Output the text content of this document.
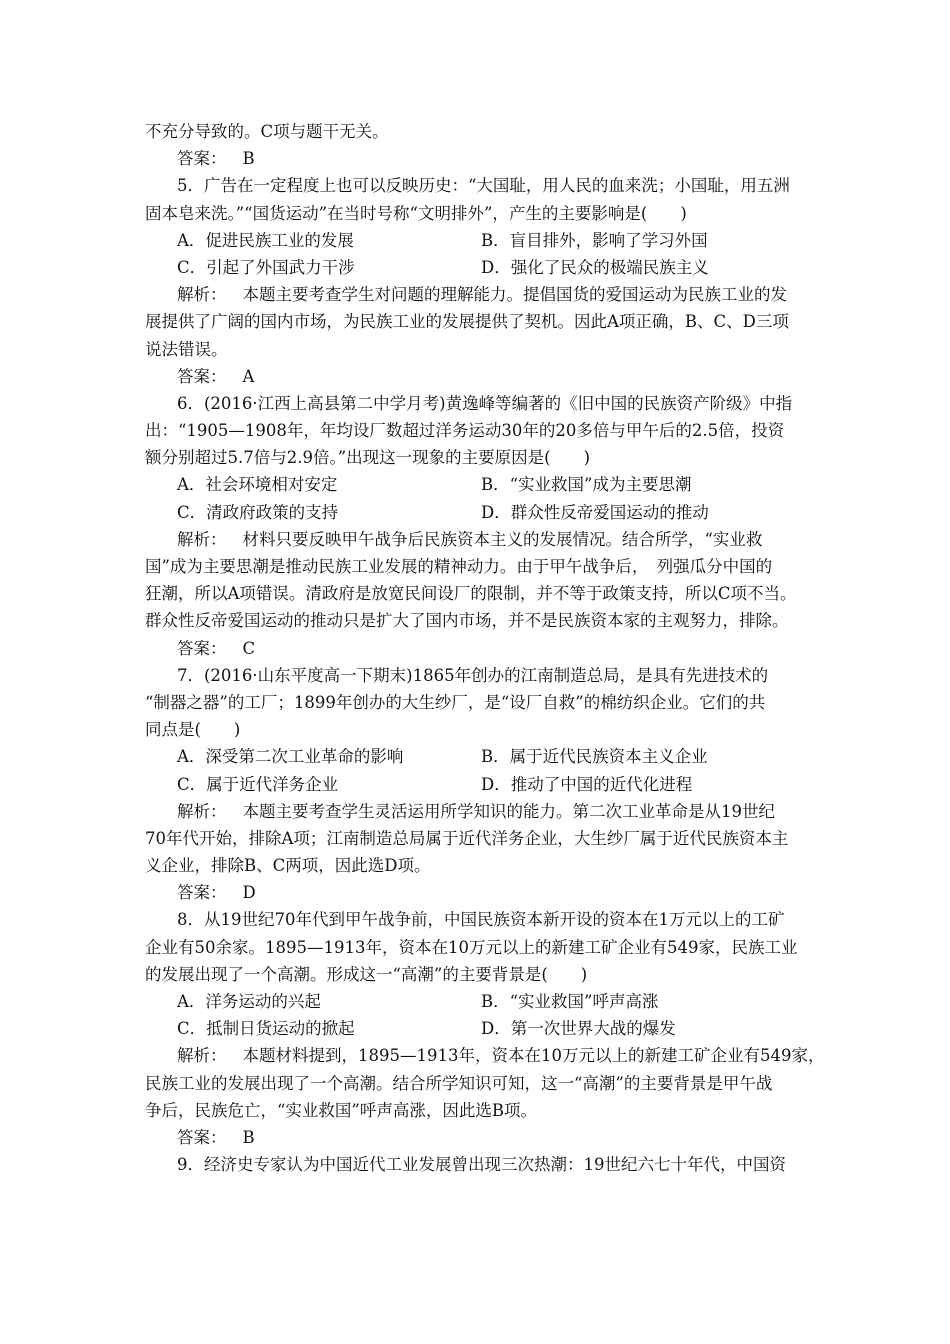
不充分导致的。C项与题干无关。
答案： B
5．广告在一定程度上也可以反映历史：“大国耻，用人民的血来洗；小国耻，用五洲
固本皂来洗。”“国货运动”在当时号称“文明排外”，产生的主要影响是(　　)
A．促进民族工业的发展	B．盲目排外，影响了学习外国
C．引起了外国武力干涉	D．强化了民众的极端民族主义
解析： 本题主要考查学生对问题的理解能力。提倡国货的爱国运动为民族工业的发
展提供了广阔的国内市场，为民族工业的发展提供了契机。因此A项正确，B、C、D三项
说法错误。
答案： A
6．(2016·江西上高县第二中学月考)黄逸峰等编著的《旧中国的民族资产阶级》中指
出：“1905—1908年，年均设厂数超过洋务运动30年的20多倍与甲午后的2.5倍，投资
额分别超过5.7倍与2.9倍。”出现这一现象的主要原因是(　　)
A．社会环境相对安定	B．“实业救国”成为主要思潮
C．清政府政策的支持	D．群众性反帝爱国运动的推动
解析： 材料只要反映甲午战争后民族资本主义的发展情况。结合所学，“实业救
国”成为主要思潮是推动民族工业发展的精神动力。由于甲午战争后，　列强瓜分中国的
狂潮，所以A项错误。清政府是放宽民间设厂的限制，并不等于政策支持，所以C项不当。
群众性反帝爱国运动的推动只是扩大了国内市场，并不是民族资本家的主观努力，排除。
答案： C
7．(2016·山东平度高一下期末)1865年创办的江南制造总局，是具有先进技术的
“制器之器”的工厂；1899年创办的大生纱厂，是“设厂自救”的棉纺织企业。它们的共
同点是(　　)
A．深受第二次工业革命的影响	B．属于近代民族资本主义企业
C．属于近代洋务企业	D．推动了中国的近代化进程
解析： 本题主要考查学生灵活运用所学知识的能力。第二次工业革命是从19世纪
70年代开始，排除A项；江南制造总局属于近代洋务企业，大生纱厂属于近代民族资本主
义企业，排除B、C两项，因此选D项。
答案： D
8．从19世纪70年代到甲午战争前，中国民族资本新开设的资本在1万元以上的工矿
企业有50余家。1895—1913年，资本在10万元以上的新建工矿企业有549家，民族工业
的发展出现了一个高潮。形成这一“高潮”的主要背景是(　　)
A．洋务运动的兴起	B．“实业救国”呼声高涨
C．抵制日货运动的掀起	D．第一次世界大战的爆发
解析： 本题材料提到，1895—1913年，资本在10万元以上的新建工矿企业有549家，
民族工业的发展出现了一个高潮。结合所学知识可知，这一“高潮”的主要背景是甲午战
争后，民族危亡，“实业救国”呼声高涨，因此选B项。
答案： B
9．经济史专家认为中国近代工业发展曾出现三次热潮：19世纪六七十年代，中国资
